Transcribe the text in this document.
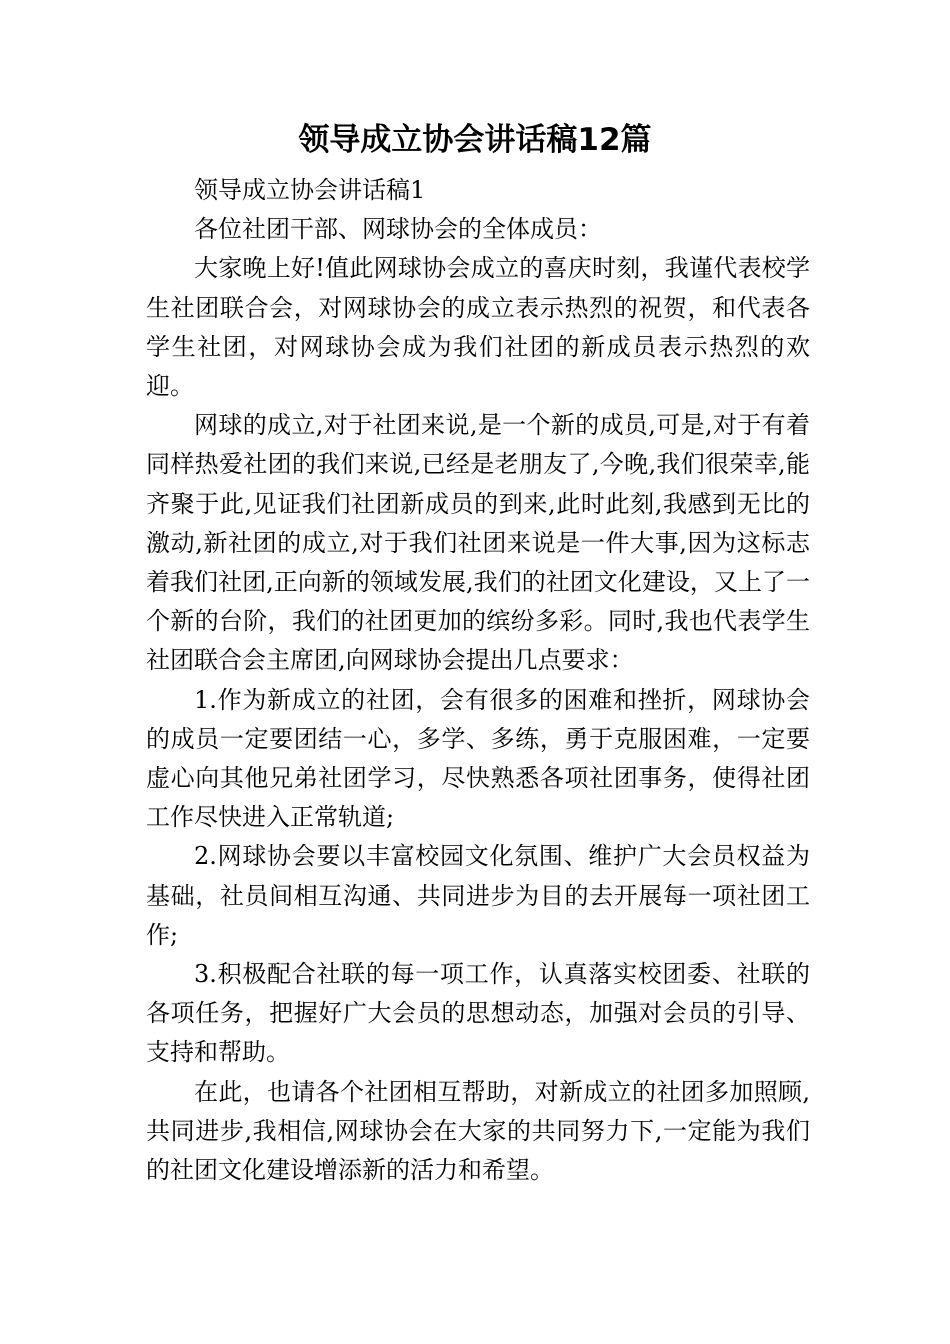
领导成立协会讲话稿12篇

领导成立协会讲话稿1

各位社团干部、网球协会的全体成员：

大家晚上好!值此网球协会成立的喜庆时刻，我谨代表校学生社团联合会，对网球协会的成立表示热烈的祝贺，和代表各学生社团，对网球协会成为我们社团的新成员表示热烈的欢迎。

网球的成立,对于社团来说,是一个新的成员,可是,对于有着同样热爱社团的我们来说,已经是老朋友了,今晚,我们很荣幸,能齐聚于此,见证我们社团新成员的到来,此时此刻,我感到无比的激动,新社团的成立,对于我们社团来说是一件大事,因为这标志着我们社团,正向新的领域发展,我们的社团文化建设，又上了一个新的台阶，我们的社团更加的缤纷多彩。同时,我也代表学生社团联合会主席团,向网球协会提出几点要求：

1.作为新成立的社团，会有很多的困难和挫折，网球协会的成员一定要团结一心，多学、多练，勇于克服困难，一定要虚心向其他兄弟社团学习，尽快熟悉各项社团事务，使得社团工作尽快进入正常轨道;

2.网球协会要以丰富校园文化氛围、维护广大会员权益为基础，社员间相互沟通、共同进步为目的去开展每一项社团工作;

3.积极配合社联的每一项工作，认真落实校团委、社联的各项任务，把握好广大会员的思想动态，加强对会员的引导、支持和帮助。

在此，也请各个社团相互帮助，对新成立的社团多加照顾,共同进步,我相信,网球协会在大家的共同努力下,一定能为我们的社团文化建设增添新的活力和希望。
